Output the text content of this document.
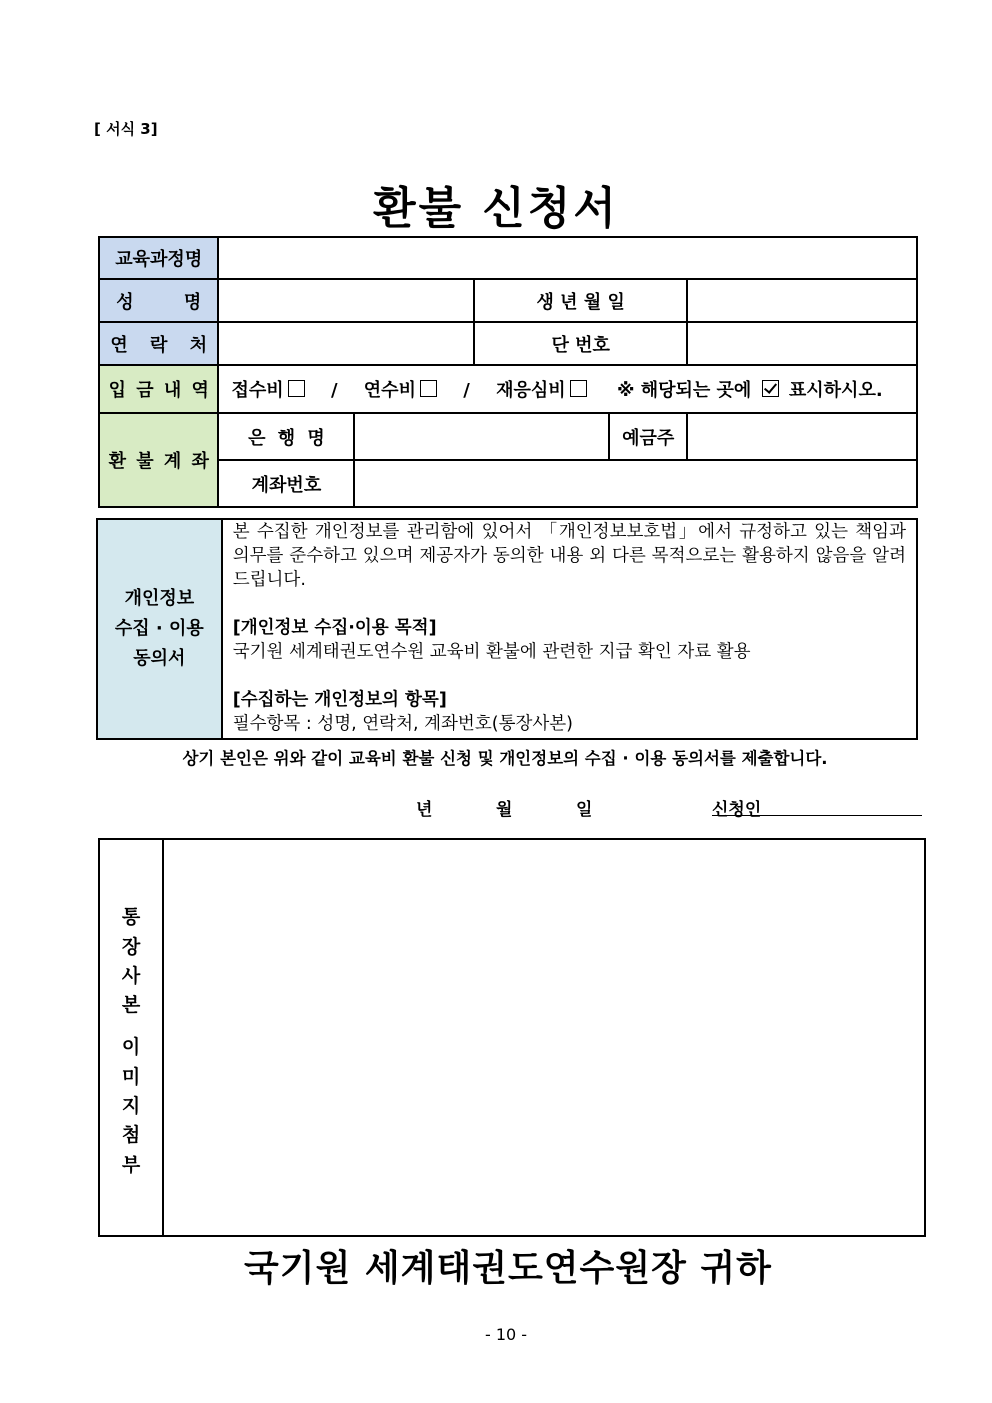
[ 서식 3]
환불 신청서
교육과정명					
성 명			생 년 월 일		
연 락 처			단 번호		
입 금 내 역	접수비 / 연수비 / 재응심비 ※ 해당되는 곳에 표시하시오.				
환 불 계 좌	은 행 명			예금주	
	계좌번호				
개인정보
수집 · 이용
동의서

본 수집한 개인정보를 관리함에 있어서 「개인정보보호법」에서 규정하고 있는 책임과 의무를 준수하고 있으며 제공자가 동의한 내용 외 다른 목적으로는 활용하지 않음을 알려드립니다.

[개인정보 수집·이용 목적]

국기원 세계태권도연수원 교육비 환불에 관련한 지급 확인 자료 활용

[수집하는 개인정보의 항목]

필수항목 : 성명, 연락처, 계좌번호(통장사본)

상기 본인은 위와 같이 교육비 환불 신청 및 개인정보의 수집 · 이용 동의서를 제출합니다.
년	월	일	신청인
통
장
사
본
이
미
지
첨
부
국기원 세계태권도연수원장 귀하
- 10 -
